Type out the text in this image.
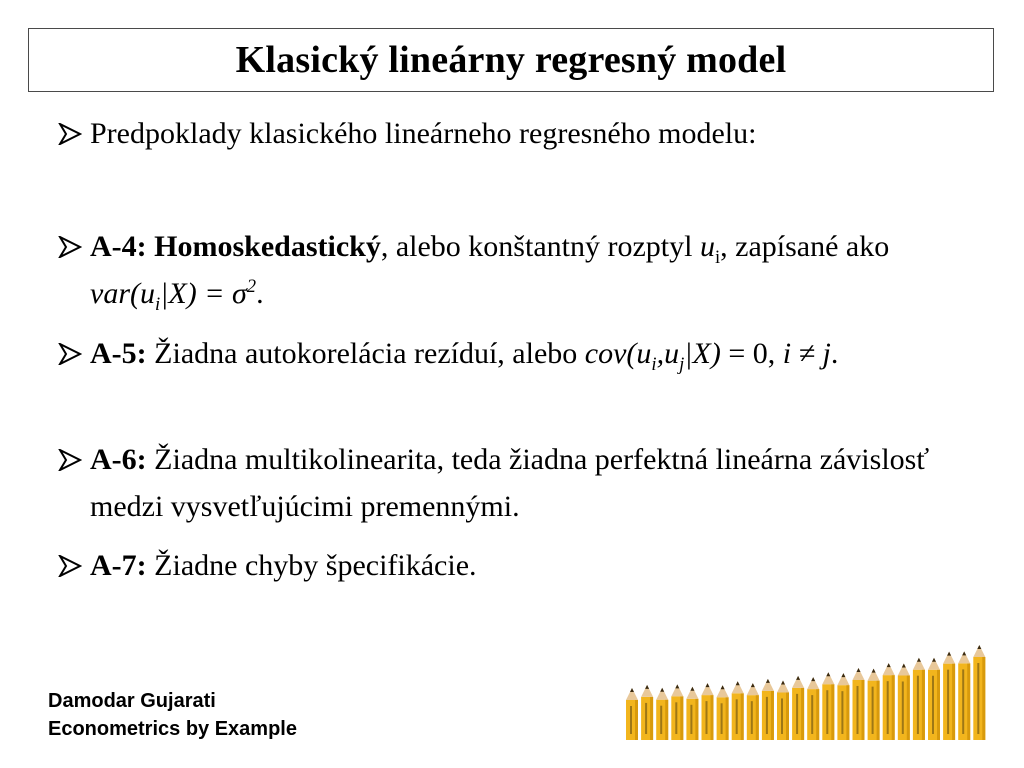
Klasický lineárny regresný model
Predpoklady klasického lineárneho regresného modelu:
A-4: Homoskedastický, alebo konštantný rozptyl $u_i$, zapísané ako $var(u_i|X) = \sigma^2$.
A-5: Žiadna autokorelácia rezíduí, alebo $cov(u_i,u_j|X) = 0$, i ≠ j.
A-6: Žiadna multikolinearita, teda žiadna perfektná lineárna závislosť medzi vysvetľujúcimi premennými.
A-7: Žiadne chyby špecifikácie.
Damodar Gujarati
Econometrics by Example
